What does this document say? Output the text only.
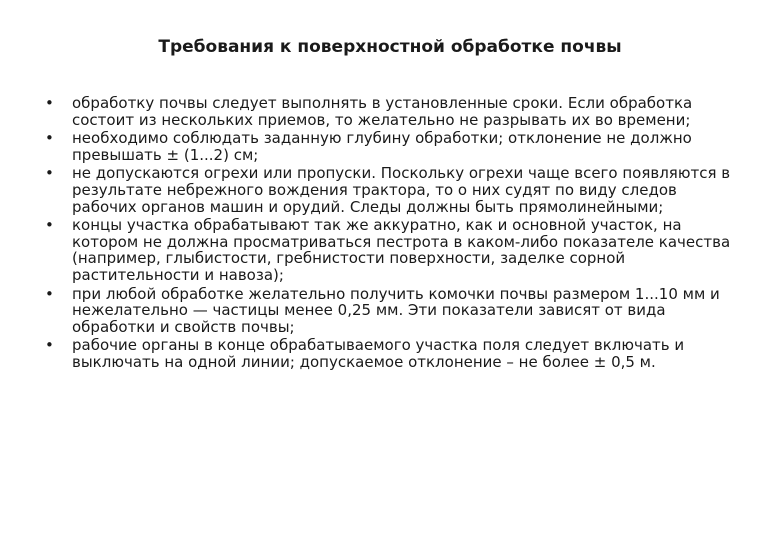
Требования к поверхностной обработке почвы
• обработку почвы следует выполнять в установленные сроки. Если обработка состоит из нескольких приемов, то желательно не разрывать их во времени;
• необходимо соблюдать заданную глубину обработки; отклонение не должно превышать ± (1...2) см;
• не допускаются огрехи или пропуски. Поскольку огрехи чаще всего появляются в результате небрежного вождения трактора, то о них судят по виду следов рабочих органов машин и орудий. Следы должны быть прямолинейными;
• концы участка обрабатывают так же аккуратно, как и основной участок, на котором не должна просматриваться пестрота в каком-либо показателе качества (например, глыбистости, гребнистости поверхности, заделке сорной растительности и навоза);
• при любой обработке желательно получить комочки почвы размером 1...10 мм и нежелательно — частицы менее 0,25 мм. Эти показатели зависят от вида обработки и свойств почвы;
• рабочие органы в конце обрабатываемого участка поля следует включать и выключать на одной линии; допускаемое отклонение – не более ± 0,5 м.
